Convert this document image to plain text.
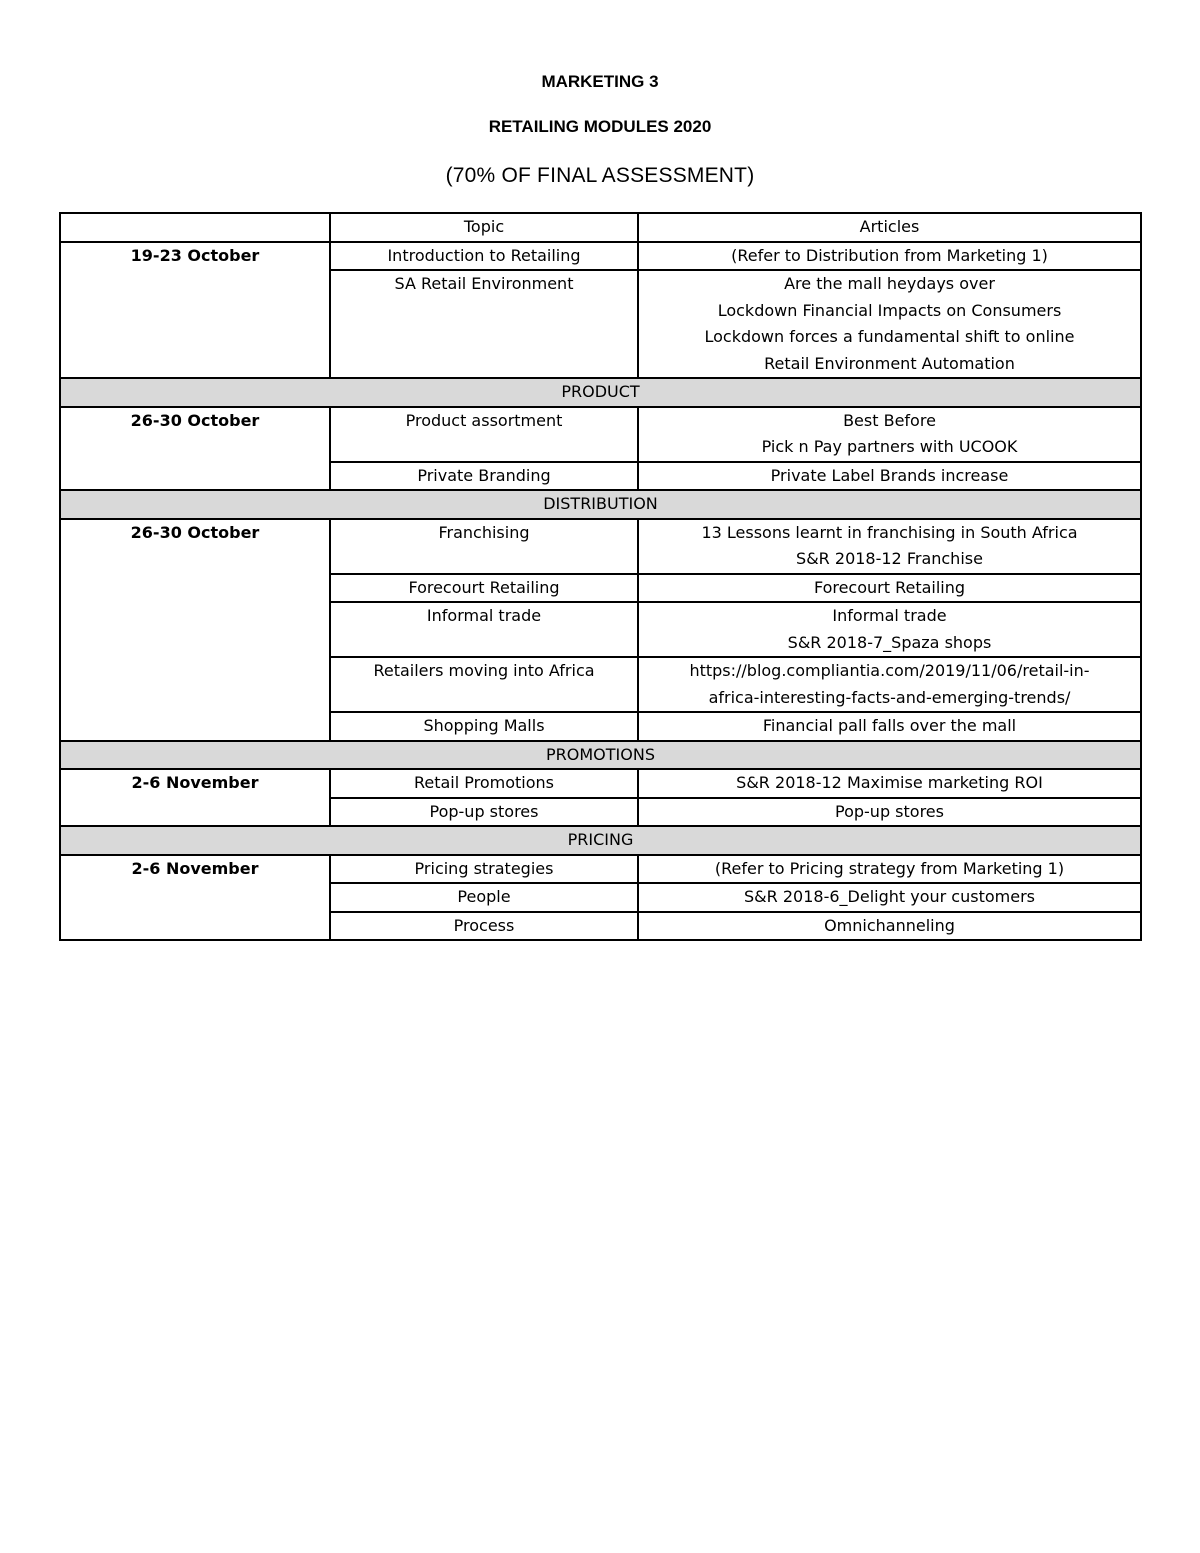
MARKETING 3
RETAILING MODULES 2020
(70% OF FINAL ASSESSMENT)
	Topic	Articles
19-23 October	Introduction to Retailing	(Refer to Distribution from Marketing 1)

	SA Retail Environment	Are the mall heydays over
Lockdown Financial Impacts on Consumers
Lockdown forces a fundamental shift to online
Retail Environment Automation

PRODUCT		
26-30 October	Product assortment	Best Before
Pick n Pay partners with UCOOK

	Private Branding	Private Label Brands increase

DISTRIBUTION		
26-30 October	Franchising	13 Lessons learnt in franchising in South Africa
S&R 2018-12 Franchise

	Forecourt Retailing	Forecourt Retailing

	Informal trade	Informal trade
S&R 2018-7_Spaza shops

	Retailers moving into Africa	https://blog.compliantia.com/2019/11/06/retail-in-
africa-interesting-facts-and-emerging-trends/

	Shopping Malls	Financial pall falls over the mall

PROMOTIONS		
2-6 November	Retail Promotions	S&R 2018-12 Maximise marketing ROI

	Pop-up stores	Pop-up stores

PRICING		
2-6 November	Pricing strategies	(Refer to Pricing strategy from Marketing 1)

	People	S&R 2018-6_Delight your customers

	Process	Omnichanneling
